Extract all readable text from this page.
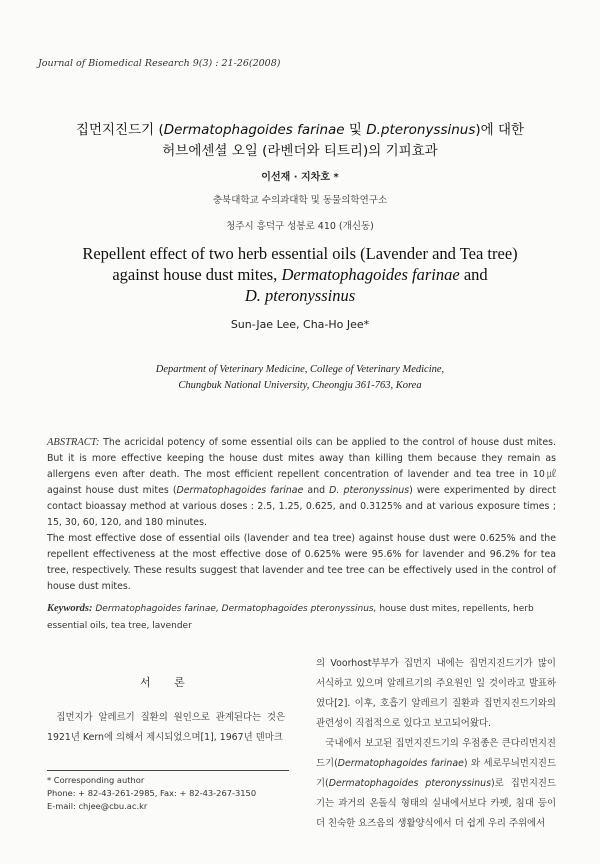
Journal of Biomedical Research 9(3) : 21-26(2008)
집먼지진드기 (Dermatophagoides farinae 및 D.pteronyssinus)에 대한
허브에센셜 오일 (라벤더와 티트리)의 기피효과
이선재 · 지차호 *
충북대학교 수의과대학 및 동물의학연구소
청주시 흥덕구 성봉로 410 (개신동)
Repellent effect of two herb essential oils (Lavender and Tea tree)
against house dust mites, Dermatophagoides farinae and
D. pteronyssinus
Sun-Jae Lee, Cha-Ho Jee*
Department of Veterinary Medicine, College of Veterinary Medicine,
Chungbuk National University, Cheongju 361-763, Korea

ABSTRACT: The acricidal potency of some essential oils can be applied to the control of house dust mites. But it is more effective keeping the house dust mites away than killing them because they remain as allergens even after death. The most efficient repellent concentration of lavender and tea tree in 10㎕ against house dust mites (Dermatophagoides farinae and D. pteronyssinus) were experimented by direct contact bioassay method at various doses : 2.5, 1.25, 0.625, and 0.3125% and at various exposure times ; 15, 30, 60, 120, and 180 minutes.

The most effective dose of essential oils (lavender and tea tree) against house dust were 0.625% and the repellent effectiveness at the most effective dose of 0.625% were 95.6% for lavender and 96.2% for tea tree, respectively. These results suggest that lavender and tee tree can be effectively used in the control of house dust mites.

Keywords: Dermatophagoides farinae, Dermatophagoides pteronyssinus, house dust mites, repellents, herb essential oils, tea tree, lavender
서 론

집먼지가 알레르기 질환의 원인으로 관계된다는 것은 1921년 Kern에 의해서 제시되었으며[1], 1967년 덴마크

의 Voorhost부부가 집먼지 내에는 집먼지진드기가 많이 서식하고 있으며 알레르기의 주요원인 일 것이라고 발표하였다[2]. 이후, 호흡기 알레르기 질환과 집먼지진드기와의 관련성이 직접적으로 있다고 보고되어왔다.

국내에서 보고된 집먼지진드기의 우점종은 큰다리먼지진드기(Dermatophagoides farinae) 와 세로무늬먼지진드기(Dermatophagoides pteronyssinus)로 집먼지진드기는 과거의 온돌식 형태의 실내에서보다 카펫, 침대 등이 더 친숙한 요즈음의 생활양식에서 더 쉽게 우리 주위에서

* Corresponding author
Phone: + 82-43-261-2985, Fax: + 82-43-267-3150
E-mail: chjee@cbu.ac.kr
